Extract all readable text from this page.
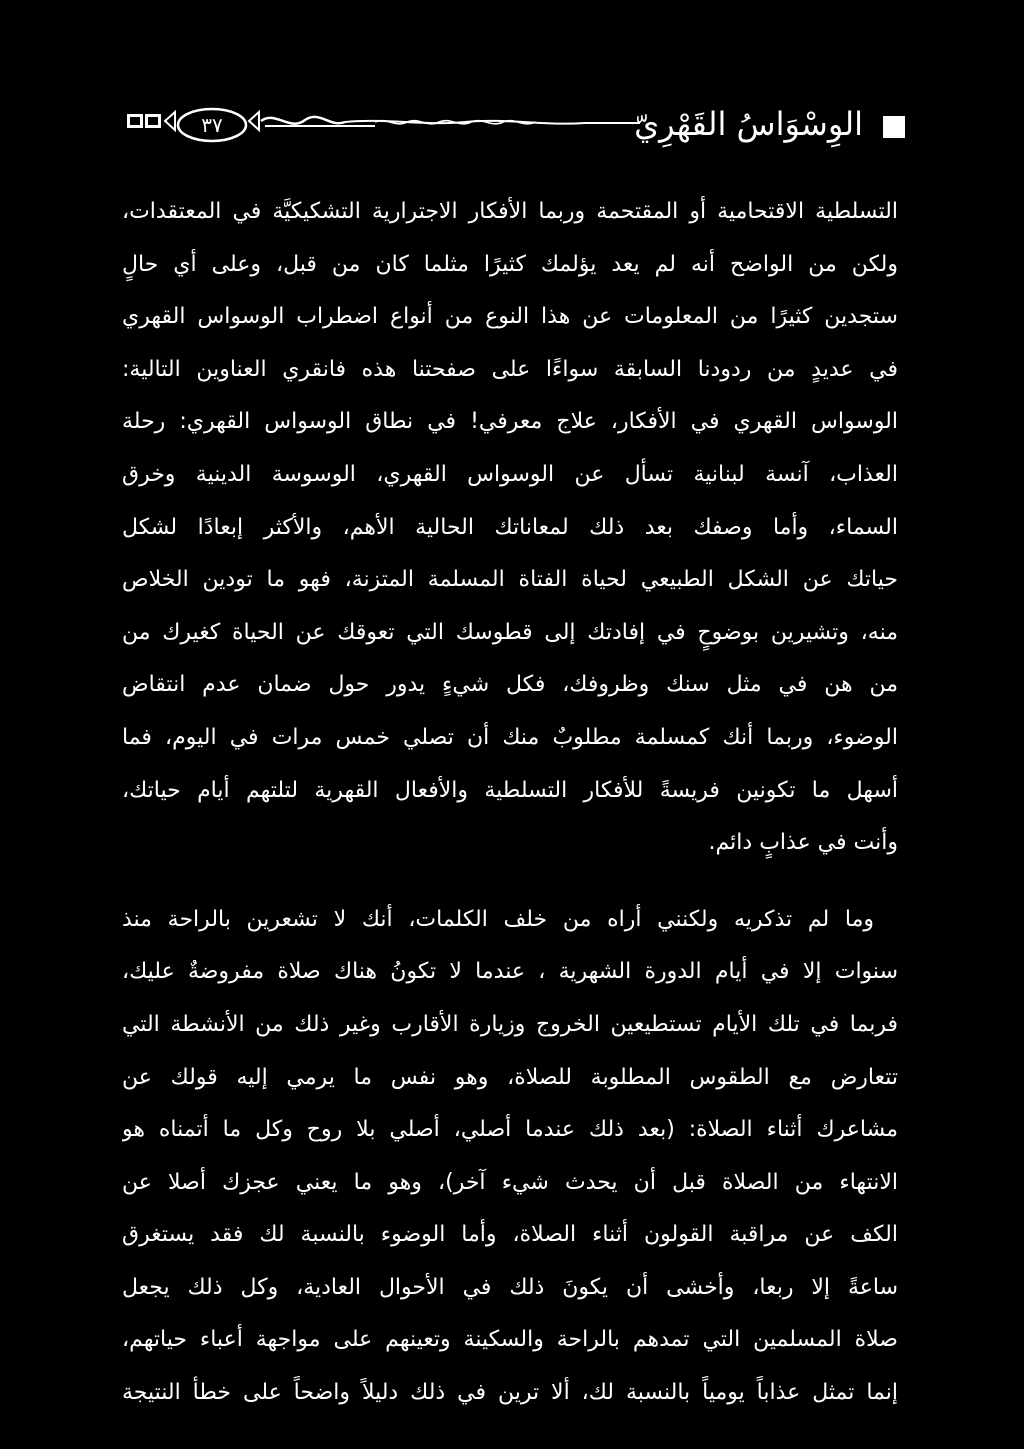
٣٧	الوِسْوَاسُ القَهْرِيّ
التسلطية الاقتحامية أو المقتحمة وربما الأفكار الاجترارية التشكيكيَّة في المعتقدات،
ولكن من الواضح أنه لم يعد يؤلمك كثيرًا مثلما كان من قبل، وعلى أي حالٍ
ستجدين كثيرًا من المعلومات عن هذا النوع من أنواع اضطراب الوسواس القهري
في عديدٍ من ردودنا السابقة سواءًا على صفحتنا هذه فانقري العناوين التالية:
الوسواس القهري في الأفكار، علاج معرفي! في نطاق الوسواس القهري: رحلة
العذاب، آنسة لبنانية تسأل عن الوسواس القهري، الوسوسة الدينية وخرق
السماء، وأما وصفك بعد ذلك لمعاناتك الحالية الأهم، والأكثر إبعادًا لشكل
حياتك عن الشكل الطبيعي لحياة الفتاة المسلمة المتزنة، فهو ما تودين الخلاص
منه، وتشيرين بوضوحٍ في إفادتك إلى قطوسك التي تعوقك عن الحياة كغيرك من
من هن في مثل سنك وظروفك، فكل شيءٍ يدور حول ضمان عدم انتقاض
الوضوء، وربما أنك كمسلمة مطلوبٌ منك أن تصلي خمس مرات في اليوم، فما
أسهل ما تكونين فريسةً للأفكار التسلطية والأفعال القهرية لتلتهم أيام حياتك،
وأنت في عذابٍ دائم.
وما لم تذكريه ولكنني أراه من خلف الكلمات، أنك لا تشعرين بالراحة منذ
سنوات إلا في أيام الدورة الشهرية ، عندما لا تكونُ هناك صلاة مفروضةٌ عليك،
فربما في تلك الأيام تستطيعين الخروج وزيارة الأقارب وغير ذلك من الأنشطة التي
تتعارض مع الطقوس المطلوبة للصلاة، وهو نفس ما يرمي إليه قولك عن
مشاعرك أثناء الصلاة: (بعد ذلك عندما أصلي، أصلي بلا روح وكل ما أتمناه هو
الانتهاء من الصلاة قبل أن يحدث شيء آخر)، وهو ما يعني عجزك أصلا عن
الكف عن مراقبة القولون أثناء الصلاة، وأما الوضوء بالنسبة لك فقد يستغرق
ساعةً إلا ربعا، وأخشى أن يكونَ ذلك في الأحوال العادية، وكل ذلك يجعل
صلاة المسلمين التي تمدهم بالراحة والسكينة وتعينهم على مواجهة أعباء حياتهم،
إنما تمثل عذاباً يومياً بالنسبة لك، ألا ترين في ذلك دليلاً واضحاً على خطأ النتيجة
